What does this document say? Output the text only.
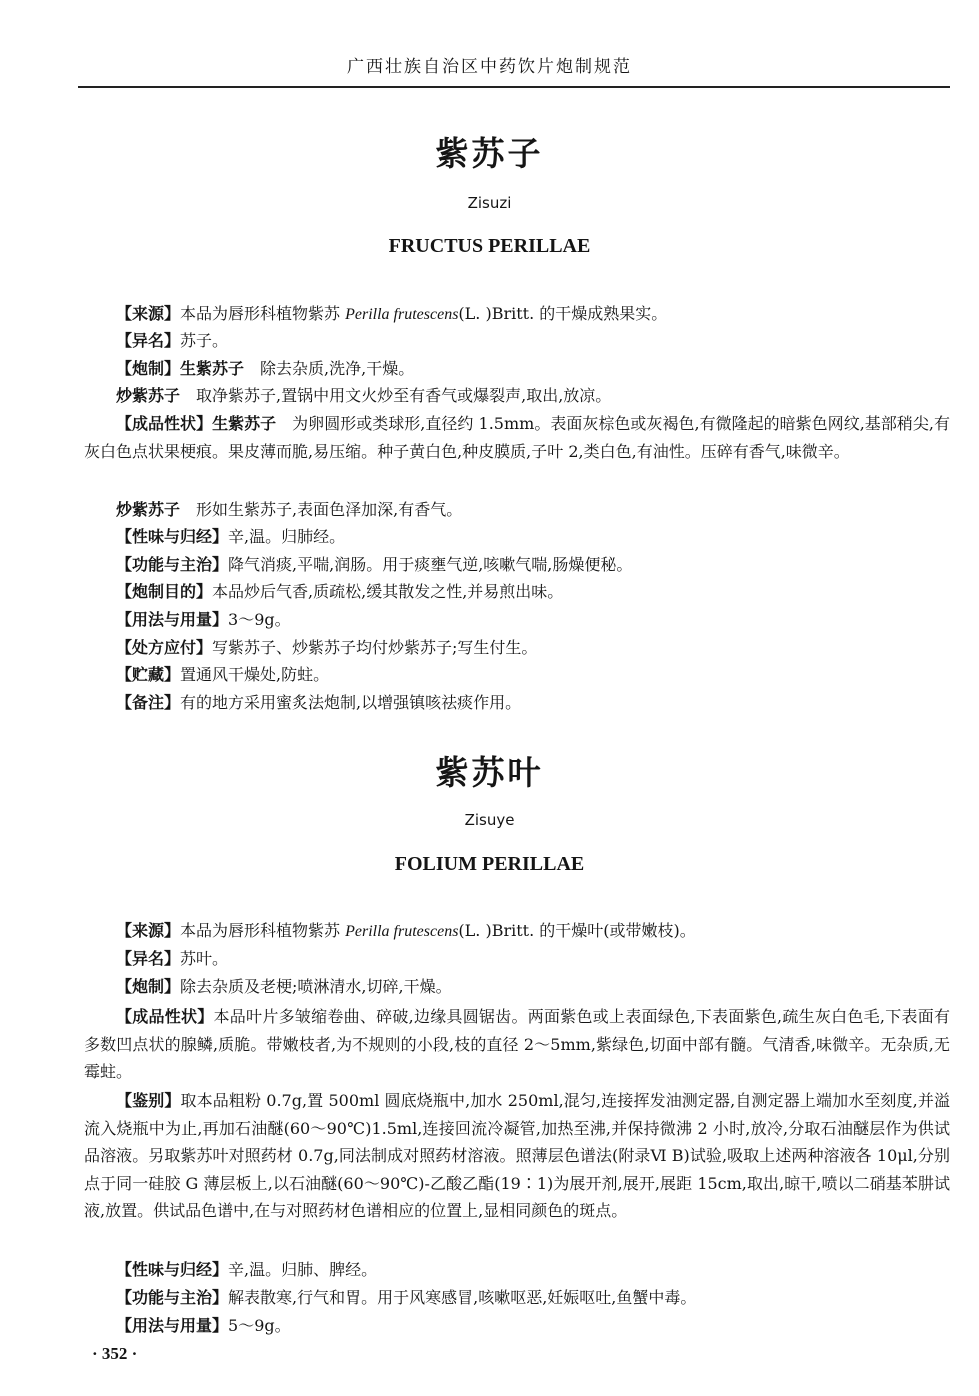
广西壮族自治区中药饮片炮制规范
紫苏子
Zisuzi
FRUCTUS PERILLAE
【来源】本品为唇形科植物紫苏 Perilla frutescens(L. )Britt. 的干燥成熟果实。
【异名】苏子。
【炮制】生紫苏子　除去杂质,洗净,干燥。
炒紫苏子　取净紫苏子,置锅中用文火炒至有香气或爆裂声,取出,放凉。
【成品性状】生紫苏子　为卵圆形或类球形,直径约 1.5mm。表面灰棕色或灰褐色,有微隆起的暗紫色网纹,基部稍尖,有灰白色点状果梗痕。果皮薄而脆,易压缩。种子黄白色,种皮膜质,子叶 2,类白色,有油性。压碎有香气,味微辛。
炒紫苏子　形如生紫苏子,表面色泽加深,有香气。
【性味与归经】辛,温。归肺经。
【功能与主治】降气消痰,平喘,润肠。用于痰壅气逆,咳嗽气喘,肠燥便秘。
【炮制目的】本品炒后气香,质疏松,缓其散发之性,并易煎出味。
【用法与用量】3～9g。
【处方应付】写紫苏子、炒紫苏子均付炒紫苏子;写生付生。
【贮藏】置通风干燥处,防蛀。
【备注】有的地方采用蜜炙法炮制,以增强镇咳祛痰作用。
紫苏叶
Zisuye
FOLIUM PERILLAE
【来源】本品为唇形科植物紫苏 Perilla frutescens(L. )Britt. 的干燥叶(或带嫩枝)。
【异名】苏叶。
【炮制】除去杂质及老梗;喷淋清水,切碎,干燥。
【成品性状】本品叶片多皱缩卷曲、碎破,边缘具圆锯齿。两面紫色或上表面绿色,下表面紫色,疏生灰白色毛,下表面有多数凹点状的腺鳞,质脆。带嫩枝者,为不规则的小段,枝的直径 2～5mm,紫绿色,切面中部有髓。气清香,味微辛。无杂质,无霉蛀。
【鉴别】取本品粗粉 0.7g,置 500ml 圆底烧瓶中,加水 250ml,混匀,连接挥发油测定器,自测定器上端加水至刻度,并溢流入烧瓶中为止,再加石油醚(60～90℃)1.5ml,连接回流冷凝管,加热至沸,并保持微沸 2 小时,放冷,分取石油醚层作为供试品溶液。另取紫苏叶对照药材 0.7g,同法制成对照药材溶液。照薄层色谱法(附录Ⅵ B)试验,吸取上述两种溶液各 10μl,分别点于同一硅胶 G 薄层板上,以石油醚(60～90℃)-乙酸乙酯(19∶1)为展开剂,展开,展距 15cm,取出,晾干,喷以二硝基苯肼试液,放置。供试品色谱中,在与对照药材色谱相应的位置上,显相同颜色的斑点。
【性味与归经】辛,温。归肺、脾经。
【功能与主治】解表散寒,行气和胃。用于风寒感冒,咳嗽呕恶,妊娠呕吐,鱼蟹中毒。
【用法与用量】5～9g。
· 352 ·
